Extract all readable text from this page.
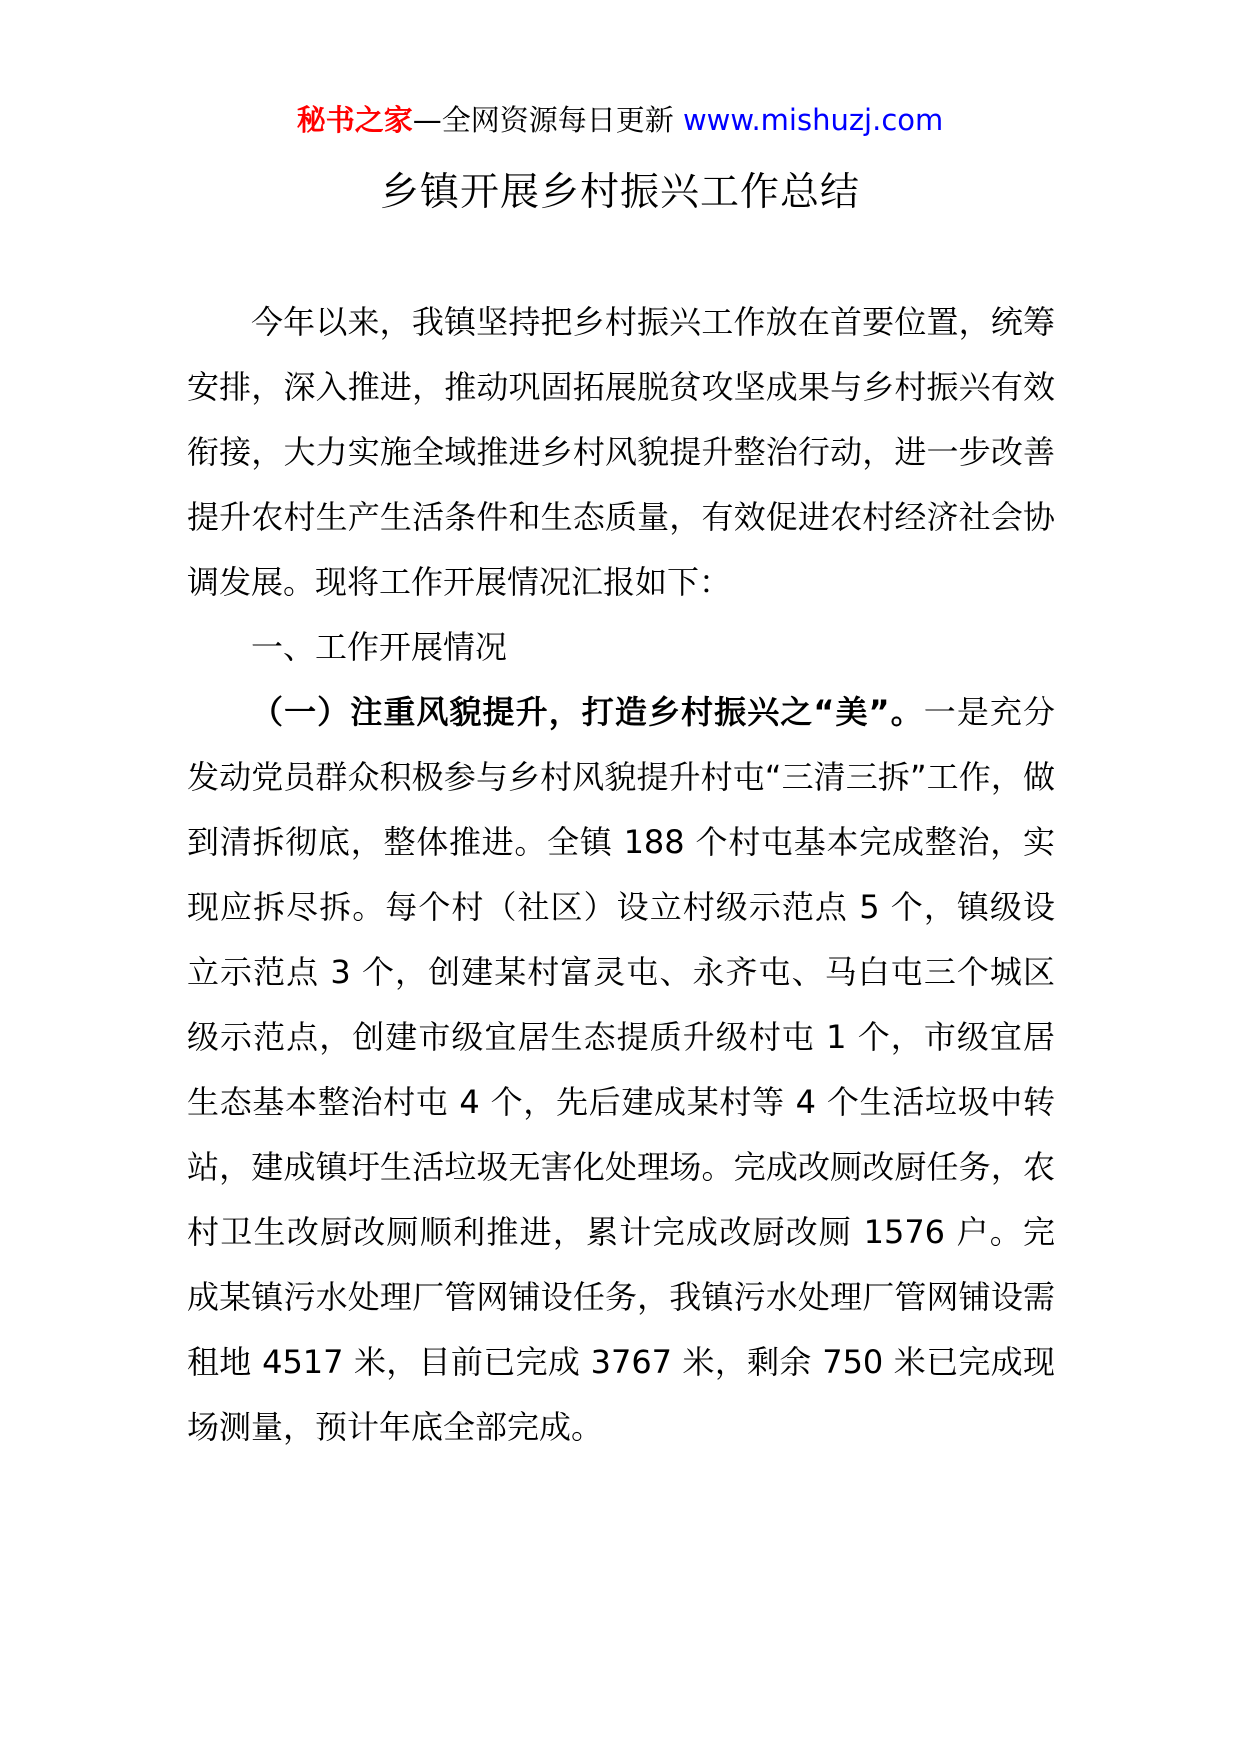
秘书之家—全网资源每日更新 www.mishuzj.com
乡镇开展乡村振兴工作总结

今年以来，我镇坚持把乡村振兴工作放在首要位置，统筹安排，深入推进，推动巩固拓展脱贫攻坚成果与乡村振兴有效衔接，大力实施全域推进乡村风貌提升整治行动，进一步改善提升农村生产生活条件和生态质量，有效促进农村经济社会协调发展。现将工作开展情况汇报如下：

一、工作开展情况

（一）注重风貌提升，打造乡村振兴之“美”。一是充分发动党员群众积极参与乡村风貌提升村屯“三清三拆”工作，做到清拆彻底，整体推进。全镇 188 个村屯基本完成整治，实现应拆尽拆。每个村（社区）设立村级示范点 5 个，镇级设立示范点 3 个，创建某村富灵屯、永齐屯、马白屯三个城区级示范点，创建市级宜居生态提质升级村屯 1 个，市级宜居生态基本整治村屯 4 个，先后建成某村等 4 个生活垃圾中转站，建成镇圩生活垃圾无害化处理场。完成改厕改厨任务，农村卫生改厨改厕顺利推进，累计完成改厨改厕 1576 户。完成某镇污水处理厂管网铺设任务，我镇污水处理厂管网铺设需租地 4517 米，目前已完成 3767 米，剩余 750 米已完成现场测量，预计年底全部完成。
